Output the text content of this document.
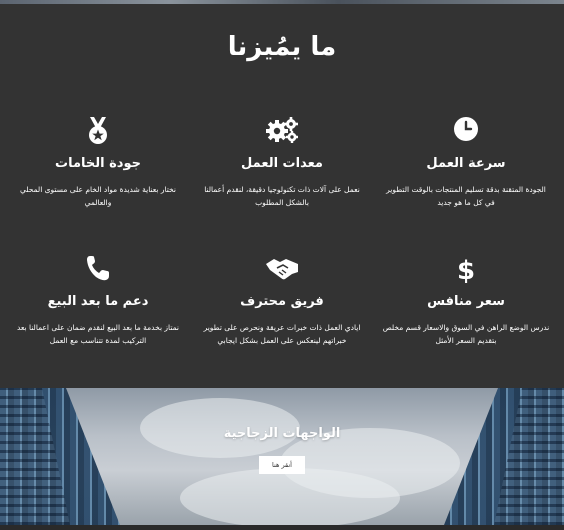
ما يمُيزنا
سرعة العمل

الجودة المتقنة بدقة تسليم المنتجات بالوقت التطوير في كل ما هو جديد

معدات العمل

نعمل على آلات ذات تكنولوجيا دقيقة، لنقدم أعمالنا بالشكل المطلوب

جودة الخامات

نختار بعناية شديدة مواد الخام على مستوى المحلي والعالمي

$
سعر منافس

ندرس الوضع الراهن في السوق والاسعار قسم مخلص بتقديم السعر الأمثل

فريق محترف

ايادي العمل ذات خبرات عريقة ونحرص على تطوير خبراتهم لينعكس على العمل بشكل ايجابي

دعم ما بعد البيع

نمتاز بخدمة ما بعد البيع لنقدم ضمان على اعمالنا بعد التركيب لمدة تتناسب مع العمل

الواجهات الزجاجية
أنقر هنا
